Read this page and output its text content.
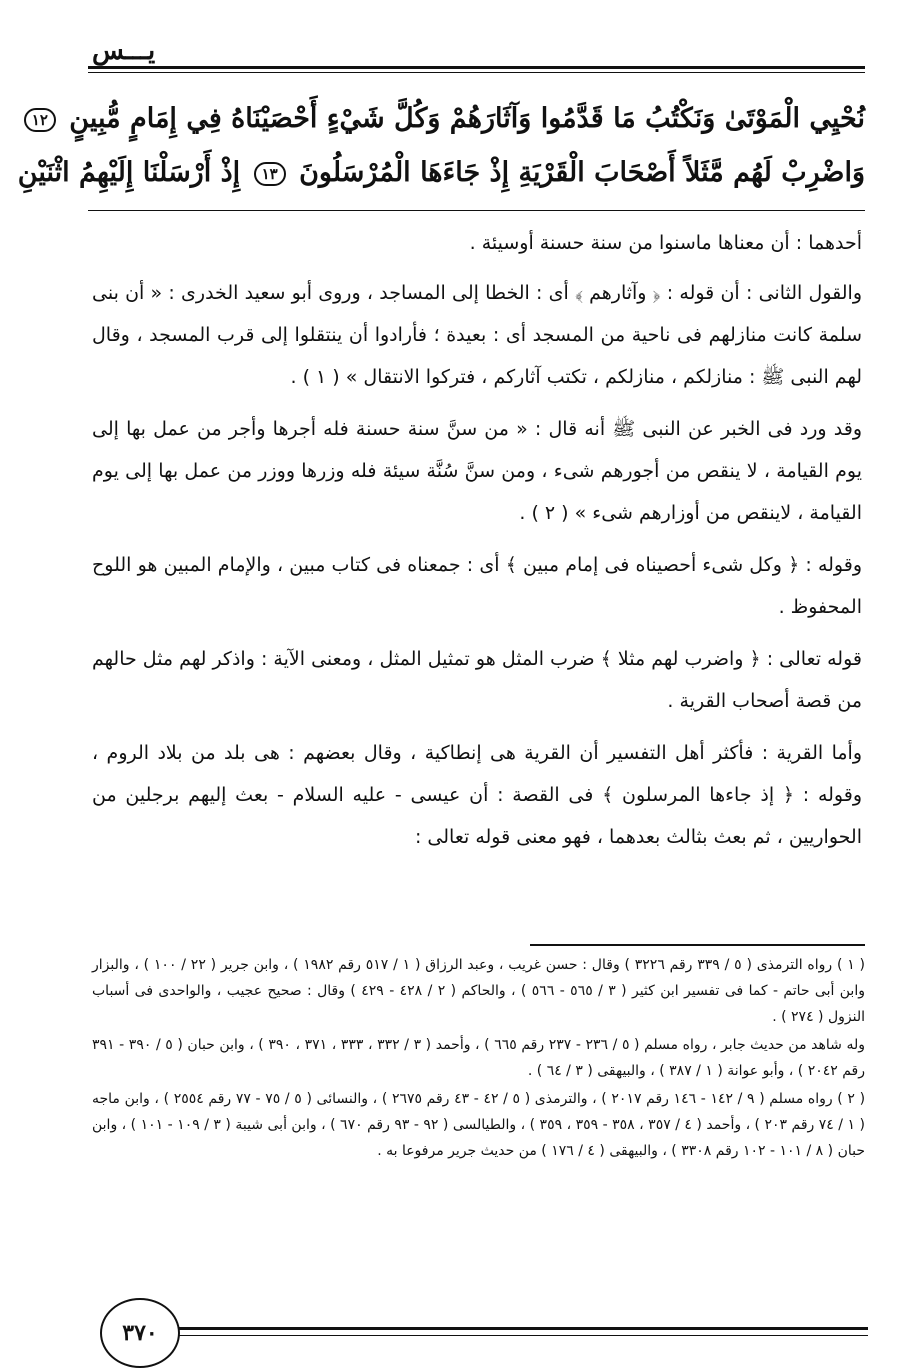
يـــس
نُحْيِي الْمَوْتَىٰ وَنَكْتُبُ مَا قَدَّمُوا وَآثَارَهُمْ وَكُلَّ شَيْءٍ أَحْصَيْنَاهُ فِي إِمَامٍ مُّبِينٍ ١٢
وَاضْرِبْ لَهُم مَّثَلاً أَصْحَابَ الْقَرْيَةِ إِذْ جَاءَهَا الْمُرْسَلُونَ ١٣ إِذْ أَرْسَلْنَا إِلَيْهِمُ اثْنَيْنِ

أحدهما : أن معناها ماسنوا من سنة حسنة أوسيئة .

والقول الثانى : أن قوله : ﴿ وآثارهم ﴾ أى : الخطا إلى المساجد ، وروى أبو سعيد الخدرى : « أن بنى سلمة كانت منازلهم فى ناحية من المسجد أى : بعيدة ؛ فأرادوا أن ينتقلوا إلى قرب المسجد ، وقال لهم النبى ﷺ : منازلكم ، منازلكم ، تكتب آثاركم ، فتركوا الانتقال » ( ١ ) .

وقد ورد فى الخبر عن النبى ﷺ أنه قال : « من سنَّ سنة حسنة فله أجرها وأجر من عمل بها إلى يوم القيامة ، لا ينقص من أجورهم شىء ، ومن سنَّ سُنَّة سيئة فله وزرها ووزر من عمل بها إلى يوم القيامة ، لاينقص من أوزارهم شىء » ( ٢ ) .

وقوله : ﴿ وكل شىء أحصيناه فى إمام مبين ﴾ أى : جمعناه فى كتاب مبين ، والإمام المبين هو اللوح المحفوظ .

قوله تعالى : ﴿ واضرب لهم مثلا ﴾ ضرب المثل هو تمثيل المثل ، ومعنى الآية : واذكر لهم مثل حالهم من قصة أصحاب القرية .

وأما القرية : فأكثر أهل التفسير أن القرية هى إنطاكية ، وقال بعضهم : هى بلد من بلاد الروم ، وقوله : ﴿ إذ جاءها المرسلون ﴾ فى القصة : أن عيسى - عليه السلام - بعث إليهم برجلين من الحواريين ، ثم بعث بثالث بعدهما ، فهو معنى قوله تعالى :

( ١ ) رواه الترمذى ( ٥ / ٣٣٩ رقم ٣٢٢٦ ) وقال : حسن غريب ، وعبد الرزاق ( ١ / ٥١٧ رقم ١٩٨٢ ) ، وابن جرير ( ٢٢ / ١٠٠ ) ، والبزار وابن أبى حاتم - كما فى تفسير ابن كثير ( ٣ / ٥٦٥ - ٥٦٦ ) ، والحاكم ( ٢ / ٤٢٨ - ٤٢٩ ) وقال : صحيح عجيب ، والواحدى فى أسباب النزول ( ٢٧٤ ) .

وله شاهد من حديث جابر ، رواه مسلم ( ٥ / ٢٣٦ - ٢٣٧ رقم ٦٦٥ ) ، وأحمد ( ٣ / ٣٣٢ ، ٣٣٣ ، ٣٧١ ، ٣٩٠ ) ، وابن حبان ( ٥ / ٣٩٠ - ٣٩١ رقم ٢٠٤٢ ) ، وأبو عوانة ( ١ / ٣٨٧ ) ، والبيهقى ( ٣ / ٦٤ ) .

( ٢ ) رواه مسلم ( ٩ / ١٤٢ - ١٤٦ رقم ٢٠١٧ ) ، والترمذى ( ٥ / ٤٢ - ٤٣ رقم ٢٦٧٥ ) ، والنسائى ( ٥ / ٧٥ - ٧٧ رقم ٢٥٥٤ ) ، وابن ماجه ( ١ / ٧٤ رقم ٢٠٣ ) ، وأحمد ( ٤ / ٣٥٧ ، ٣٥٨ - ٣٥٩ ، ٣٥٩ ) ، والطيالسى ( ٩٢ - ٩٣ رقم ٦٧٠ ) ، وابن أبى شيبة ( ٣ / ١٠٩ - ١٠١ ) ، وابن حبان ( ٨ / ١٠١ - ١٠٢ رقم ٣٣٠٨ ) ، والبيهقى ( ٤ / ١٧٦ ) من حديث جرير مرفوعا به .

٣٧٠
